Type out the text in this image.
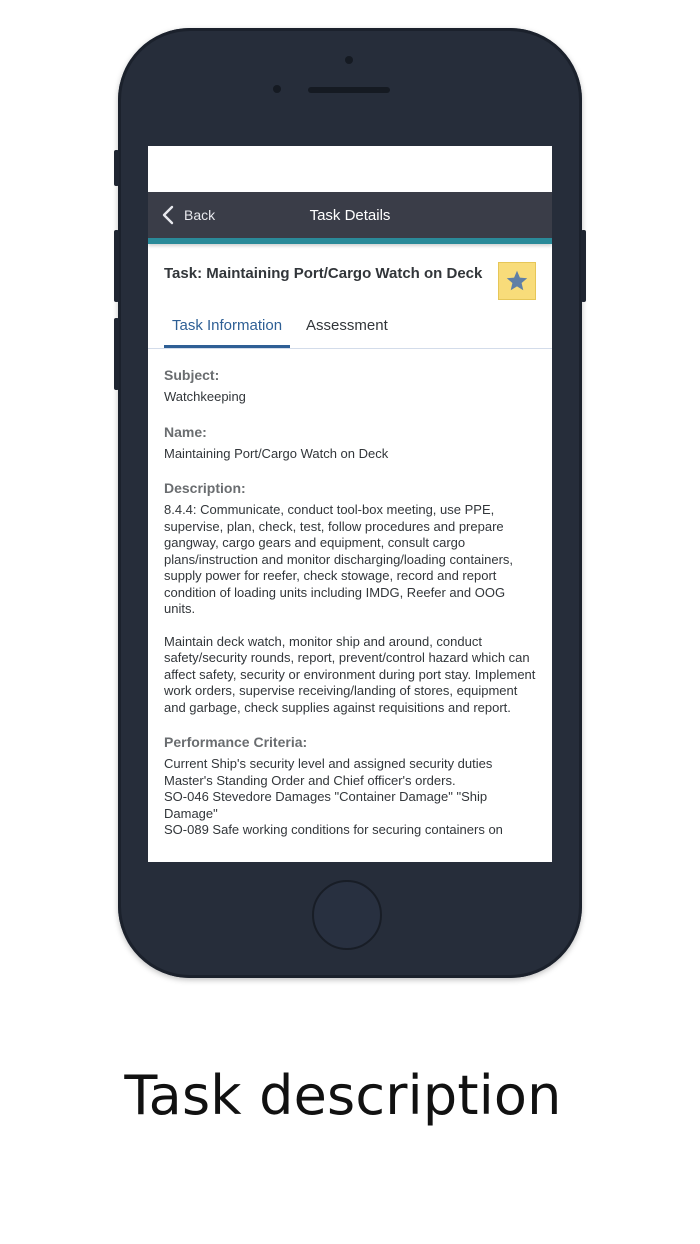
Back	Task Details
Task: Maintaining Port/Cargo Watch on Deck
Task Information	Assessment
Subject:
Watchkeeping
Name:
Maintaining Port/Cargo Watch on Deck
Description:

8.4.4: Communicate, conduct tool-box meeting, use PPE, supervise, plan, check, test, follow procedures and prepare gangway, cargo gears and equipment, consult cargo plans/instruction and monitor discharging/loading containers, supply power for reefer, check stowage, record and report condition of loading units including IMDG, Reefer and OOG units.

Maintain deck watch, monitor ship and around, conduct safety/security rounds, report, prevent/control hazard which can affect safety, security or environment during port stay. Implement work orders, supervise receiving/landing of stores, equipment and garbage, check supplies against requisitions and report.

Performance Criteria:
Current Ship's security level and assigned security duties
Master's Standing Order and Chief officer's orders.
SO-046 Stevedore Damages "Container Damage" "Ship Damage"
SO-089 Safe working conditions for securing containers on
Task description
